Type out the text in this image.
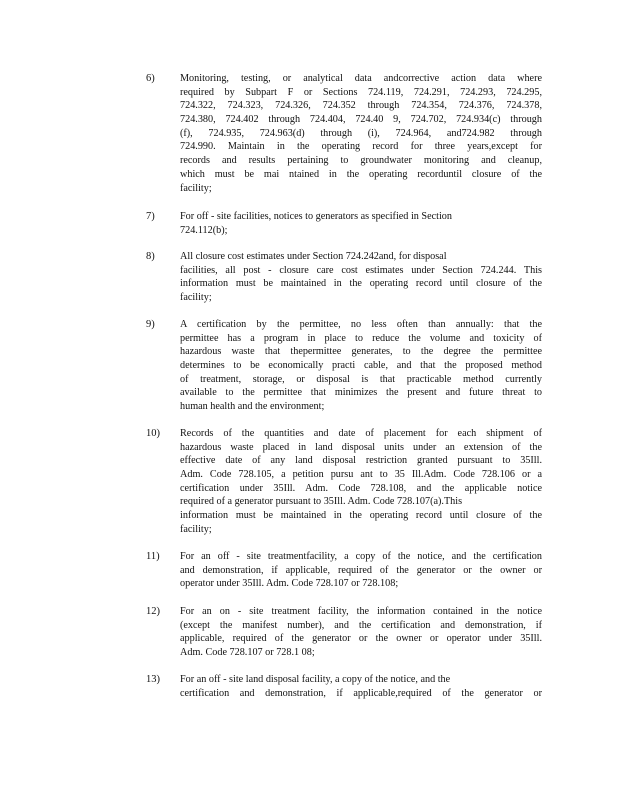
6)	Monitoring, testing, or analytical data andcorrective action data where
required by Subpart F or Sections 724.119, 724.291, 724.293, 724.295,
724.322, 724.323, 724.326, 724.352 through 724.354, 724.376, 724.378,
724.380, 724.402 through 724.404, 724.40 9, 724.702, 724.934(c) through
(f), 724.935, 724.963(d) through (i), 724.964, and724.982 through
724.990. Maintain in the operating record for three years,except for
records and results pertaining to groundwater monitoring and cleanup,
which must be mai ntained in the operating recorduntil closure of the
facility;
7)	For off - site facilities, notices to generators as specified in Section
724.112(b);
8)	All closure cost estimates under Section 724.242and, for disposal
facilities, all post - closure care cost estimates under Section 724.244. This
information must be maintained in the operating record until closure of the
facility;
9)	A certification by the permittee, no less often than annually: that the
permittee has a program in place to reduce the volume and toxicity of
hazardous waste that thepermittee generates, to the degree the permittee
determines to be economically practi cable, and that the proposed method
of treatment, storage, or disposal is that practicable method currently
available to the permittee that minimizes the present and future threat to
human health and the environment;
10)	Records of the quantities and date of placement for each shipment of
hazardous waste placed in land disposal units under an extension of the
effective date of any land disposal restriction granted pursuant to 35Ill.
Adm. Code 728.105, a petition pursu ant to 35 Ill.Adm. Code 728.106 or a
certification under 35Ill. Adm. Code 728.108, and the applicable notice
required of a generator pursuant to 35Ill. Adm. Code 728.107(a).This
information must be maintained in the operating record until closure of the
facility;
11)	For an off - site treatmentfacility, a copy of the notice, and the certification
and demonstration, if applicable, required of the generator or the owner or
operator under 35Ill. Adm. Code 728.107 or 728.108;
12)	For an on - site treatment facility, the information contained in the notice
(except the manifest number), and the certification and demonstration, if
applicable, required of the generator or the owner or operator under 35Ill.
Adm. Code 728.107 or 728.1 08;
13)	For an off - site land disposal facility, a copy of the notice, and the
certification and demonstration, if applicable,required of the generator or
